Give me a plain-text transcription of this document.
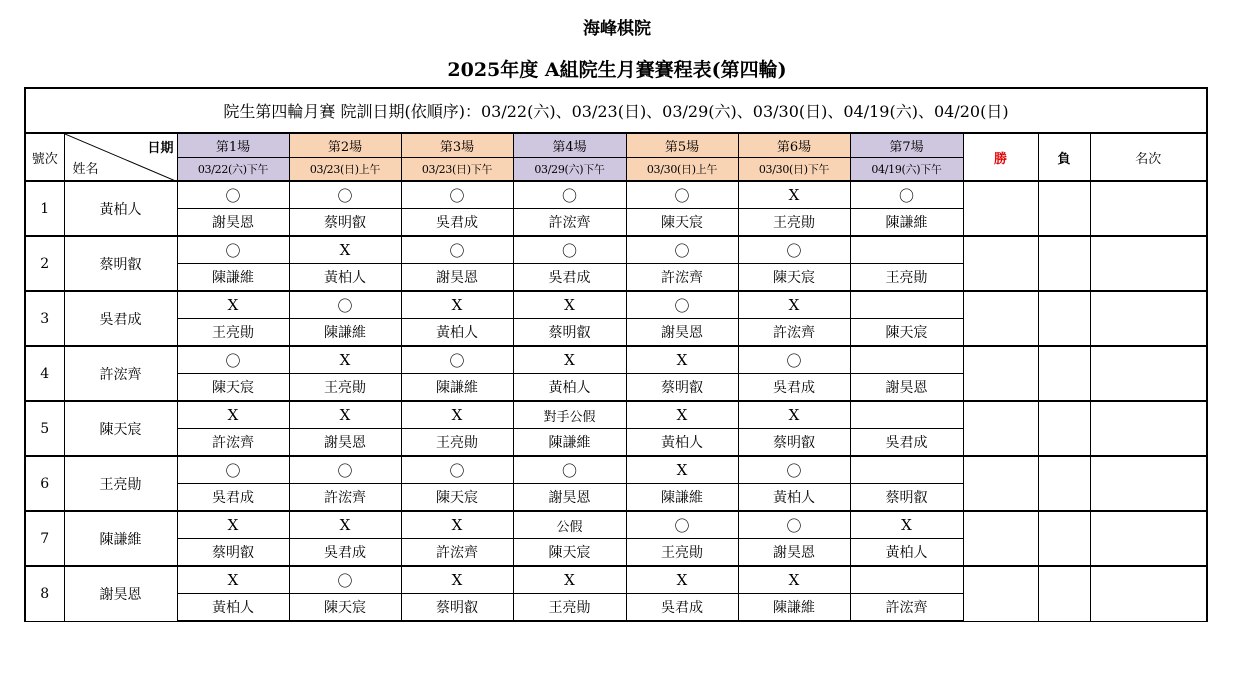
海峰棋院
2025年度 A組院生月賽賽程表(第四輪)
院生第四輪月賽 院訓日期(依順序)：03/22(六)、03/23(日)、03/29(六)、03/30(日)、04/19(六)、04/20(日)											
號次	日期
姓名	第1場	第2場	第3場	第4場	第5場	第6場	第7場	勝	負	名次
		03/22(六)下午	03/23(日)上午	03/23(日)下午	03/29(六)下午	03/30(日)上午	03/30(日)下午	04/19(六)下午			
1	黃柏人	〇	〇	〇	〇	〇	X	〇			
		謝昊恩	蔡明叡	吳君成	許浤齊	陳天宸	王亮勛	陳謙維			
2	蔡明叡	〇	X	〇	〇	〇	〇				
		陳謙維	黃柏人	謝昊恩	吳君成	許浤齊	陳天宸	王亮勛			
3	吳君成	X	〇	X	X	〇	X				
		王亮勛	陳謙維	黃柏人	蔡明叡	謝昊恩	許浤齊	陳天宸			
4	許浤齊	〇	X	〇	X	X	〇				
		陳天宸	王亮勛	陳謙維	黃柏人	蔡明叡	吳君成	謝昊恩			
5	陳天宸	X	X	X	對手公假	X	X				
		許浤齊	謝昊恩	王亮勛	陳謙維	黃柏人	蔡明叡	吳君成			
6	王亮勛	〇	〇	〇	〇	X	〇				
		吳君成	許浤齊	陳天宸	謝昊恩	陳謙維	黃柏人	蔡明叡			
7	陳謙維	X	X	X	公假	〇	〇	X			
		蔡明叡	吳君成	許浤齊	陳天宸	王亮勛	謝昊恩	黃柏人			
8	謝昊恩	X	〇	X	X	X	X				
		黃柏人	陳天宸	蔡明叡	王亮勛	吳君成	陳謙維	許浤齊			
